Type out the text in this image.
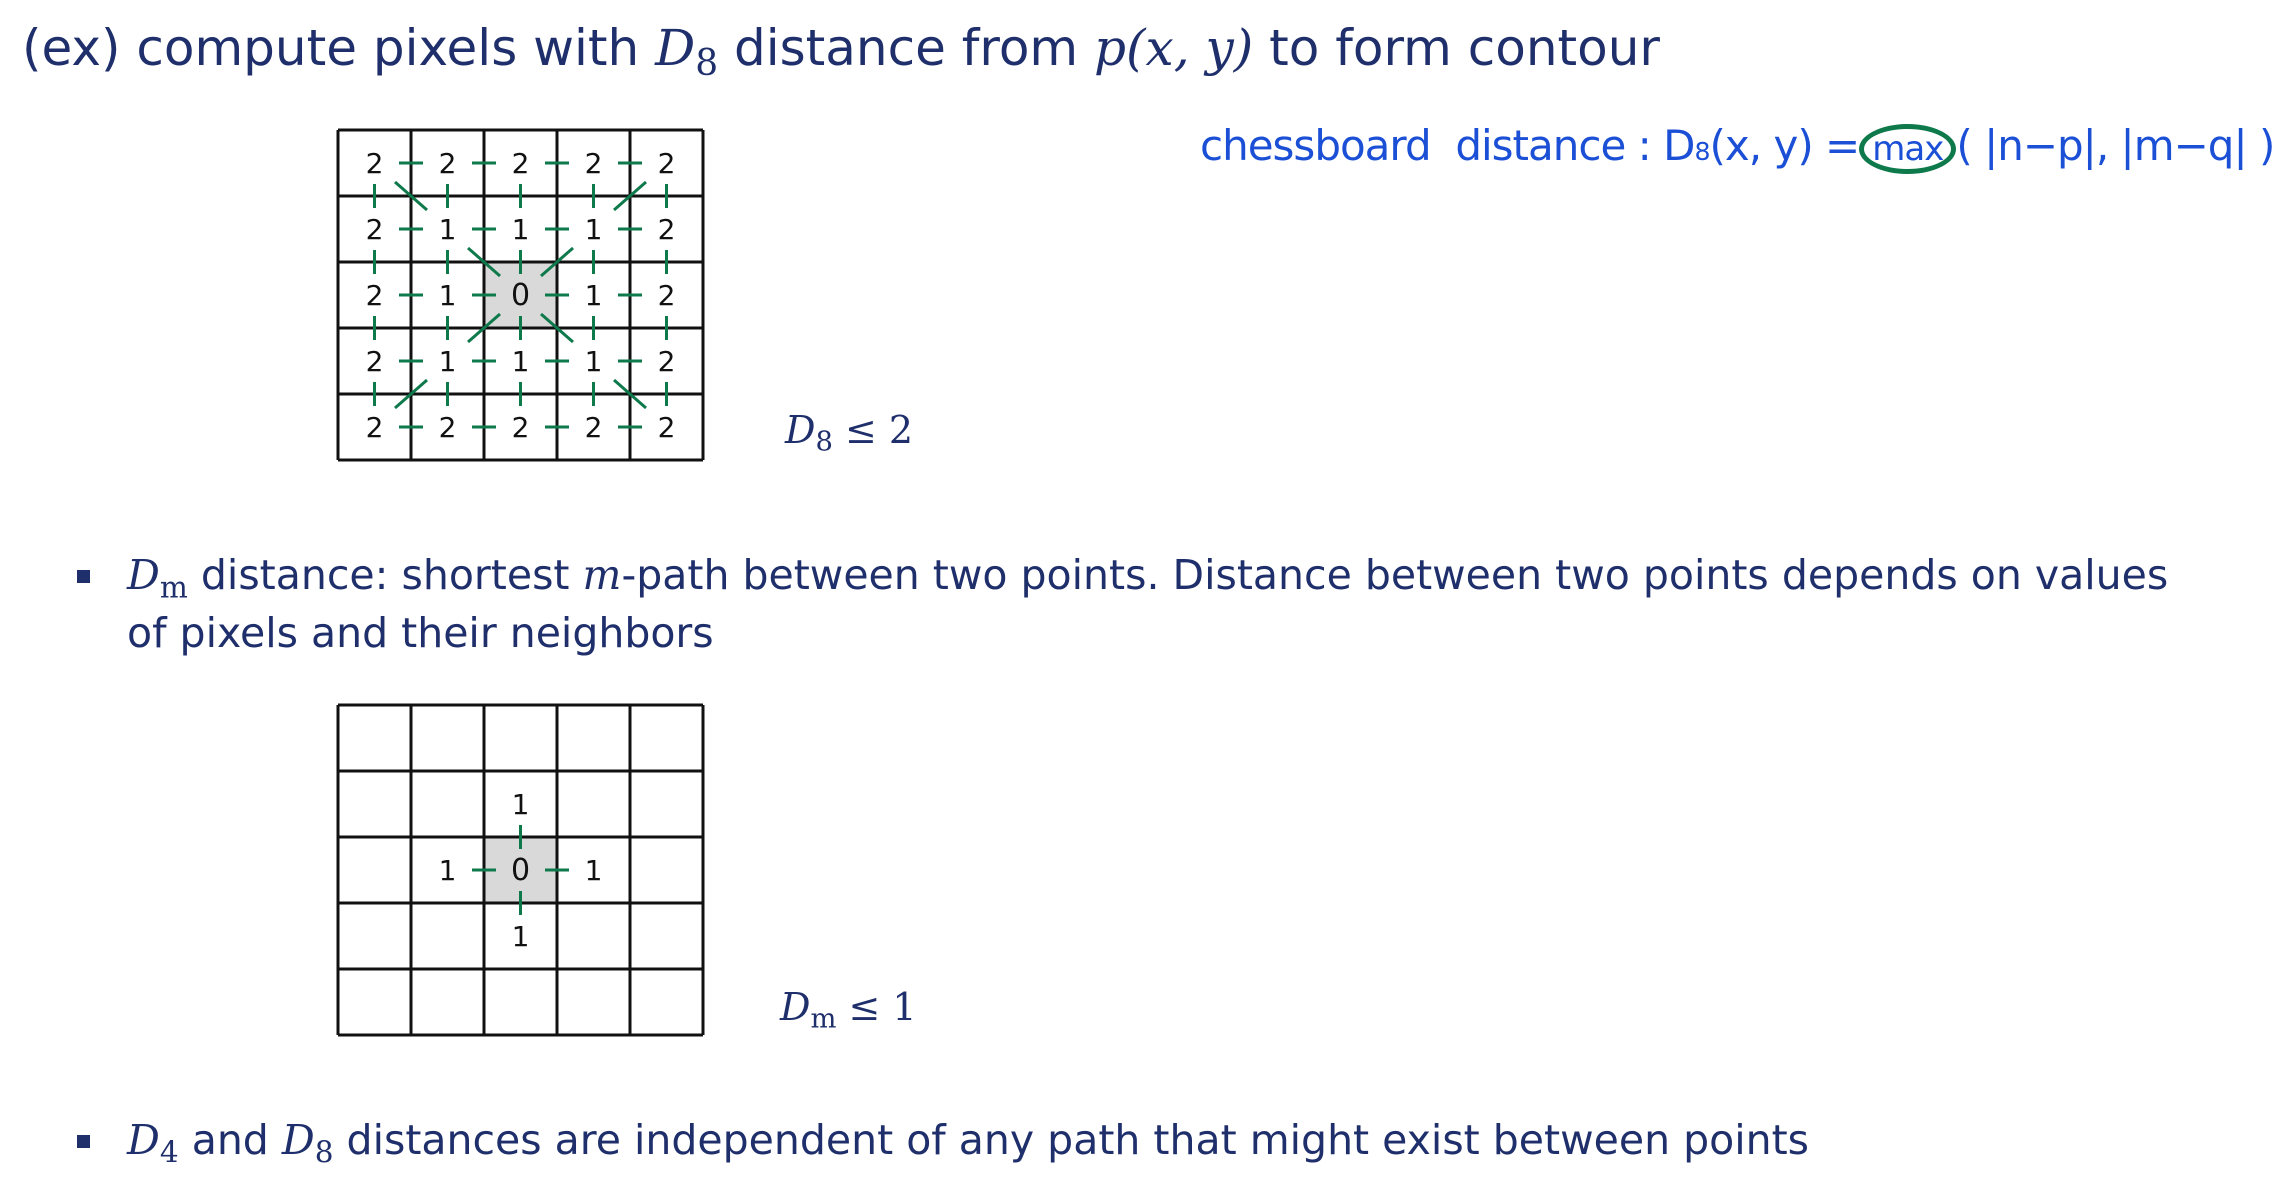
(ex) compute pixels with $D_8$ distance from p(x, y) to form contour
chessboard distance : D8(x, y) = max ( |n−p|, |m−q| )
2 2 2 2 2
2 1 1 1 2
2 1 0 1 2
2 1 1 1 2
2 2 2 2 2	$D_8 \le 2$
$D_m$ distance: shortest m-path between two points. Distance between two points depends on values of pixels and their neighbors
1
1 0 1
1
$D_m \le 1$
$D_4$ and $D_8$ distances are independent of any path that might exist between points
